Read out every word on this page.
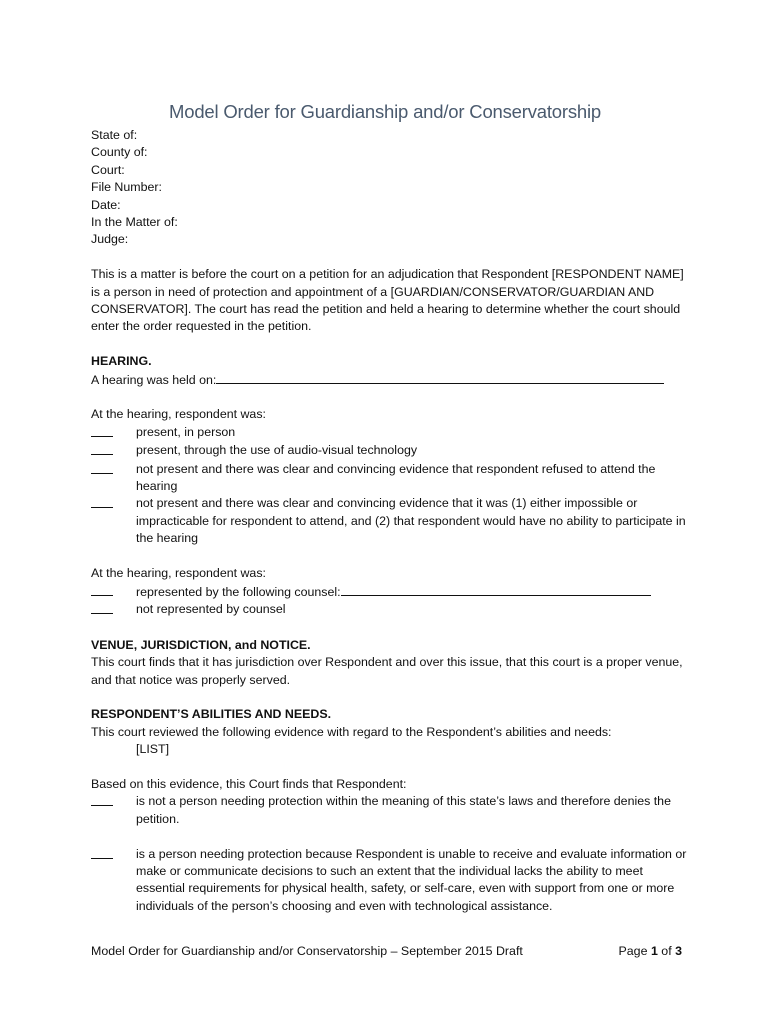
Model Order for Guardianship and/or Conservatorship
State of:
County of:
Court:
File Number:
Date:
In the Matter of:
Judge:
This is a matter is before the court on a petition for an adjudication that Respondent [RESPONDENT NAME] is a person in need of protection and appointment of a [GUARDIAN/CONSERVATOR/GUARDIAN AND CONSERVATOR]. The court has read the petition and held a hearing to determine whether the court should enter the order requested in the petition.
HEARING.
A hearing was held on:
At the hearing, respondent was:
present, in person
present, through the use of audio-visual technology
not present and there was clear and convincing evidence that respondent refused to attend the hearing
not present and there was clear and convincing evidence that it was (1) either impossible or impracticable for respondent to attend, and (2) that respondent would have no ability to participate in the hearing
At the hearing, respondent was:
represented by the following counsel:
not represented by counsel
VENUE, JURISDICTION, and NOTICE.
This court finds that it has jurisdiction over Respondent and over this issue, that this court is a proper venue, and that notice was properly served.
RESPONDENT’S ABILITIES AND NEEDS.
This court reviewed the following evidence with regard to the Respondent’s abilities and needs:
[LIST]
Based on this evidence, this Court finds that Respondent:
is not a person needing protection within the meaning of this state’s laws and therefore denies the petition.
is a person needing protection because Respondent is unable to receive and evaluate information or make or communicate decisions to such an extent that the individual lacks the ability to meet essential requirements for physical health, safety, or self-care, even with support from one or more individuals of the person’s choosing and even with technological assistance.
Model Order for Guardianship and/or Conservatorship – September 2015 Draft	Page 1 of 3
